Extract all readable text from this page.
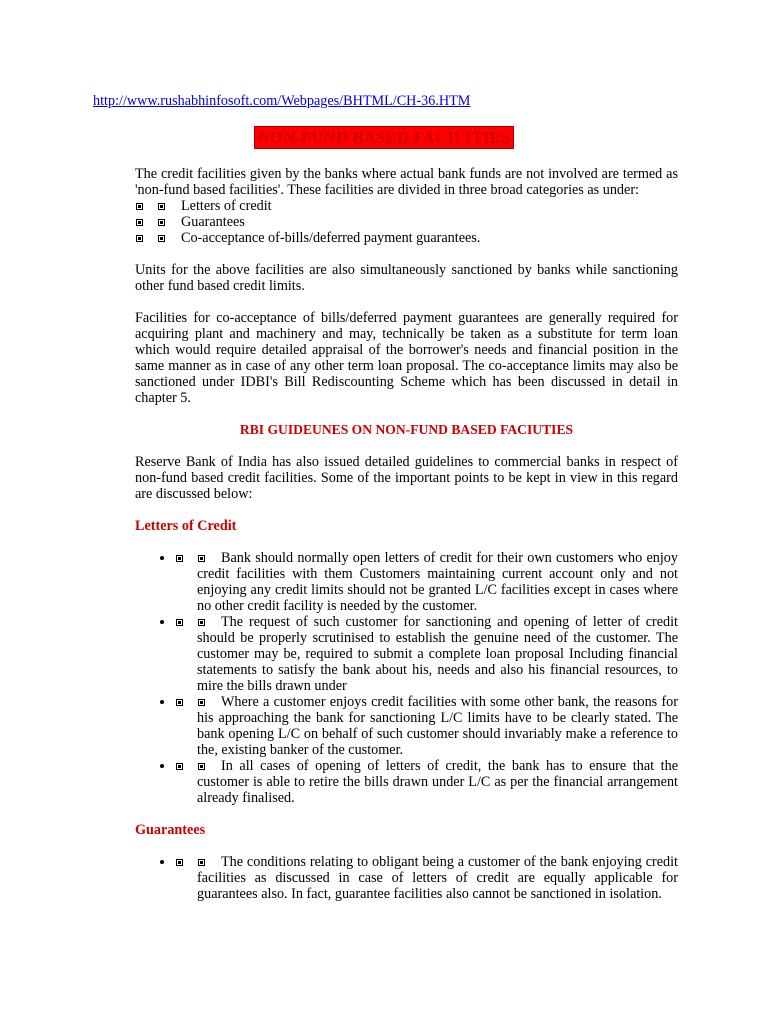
http://www.rushabhinfosoft.com/Webpages/BHTML/CH-36.HTM
NON-FUND BASED FACILITIES

The credit facilities given by the banks where actual bank funds are not involved are termed as 'non-fund based facilities'. These facilities are divided in three broad categories as under:

Letters of credit
Guarantees
Co-acceptance of-bills/deferred payment guarantees.

Units for the above facilities are also simultaneously sanctioned by banks while sanctioning other fund based credit limits.

Facilities for co-acceptance of bills/deferred payment guarantees are generally required for acquiring plant and machinery and may, technically be taken as a substitute for term loan which would require detailed appraisal of the borrower's needs and financial position in the same manner as in case of any other term loan proposal. The co-acceptance limits may also be sanctioned under IDBI's Bill Rediscounting Scheme which has been discussed in detail in chapter 5.

RBI GUIDEUNES ON NON-FUND BASED FACIUTIES

Reserve Bank of India has also issued detailed guidelines to commercial banks in respect of non-fund based credit facilities. Some of the important points to be kept in view in this regard are discussed below:

Letters of Credit

• Bank should normally open letters of credit for their own customers who enjoy credit facilities with them Customers maintaining current account only and not enjoying any credit limits should not be granted L/C facilities except in cases where no other credit facility is needed by the customer.
• The request of such customer for sanctioning and opening of letter of credit should be properly scrutinised to establish the genuine need of the customer. The customer may be, required to submit a complete loan proposal Including financial statements to satisfy the bank about his, needs and also his financial resources, to mire the bills drawn under
• Where a customer enjoys credit facilities with some other bank, the reasons for his approaching the bank for sanctioning L/C limits have to be clearly stated. The bank opening L/C on behalf of such customer should invariably make a reference to the, existing banker of the customer.
• In all cases of opening of letters of credit, the bank has to ensure that the customer is able to retire the bills drawn under L/C as per the financial arrangement already finalised.

Guarantees

• The conditions relating to obligant being a customer of the bank enjoying credit facilities as discussed in case of letters of credit are equally applicable for guarantees also. In fact, guarantee facilities also cannot be sanctioned in isolation.
